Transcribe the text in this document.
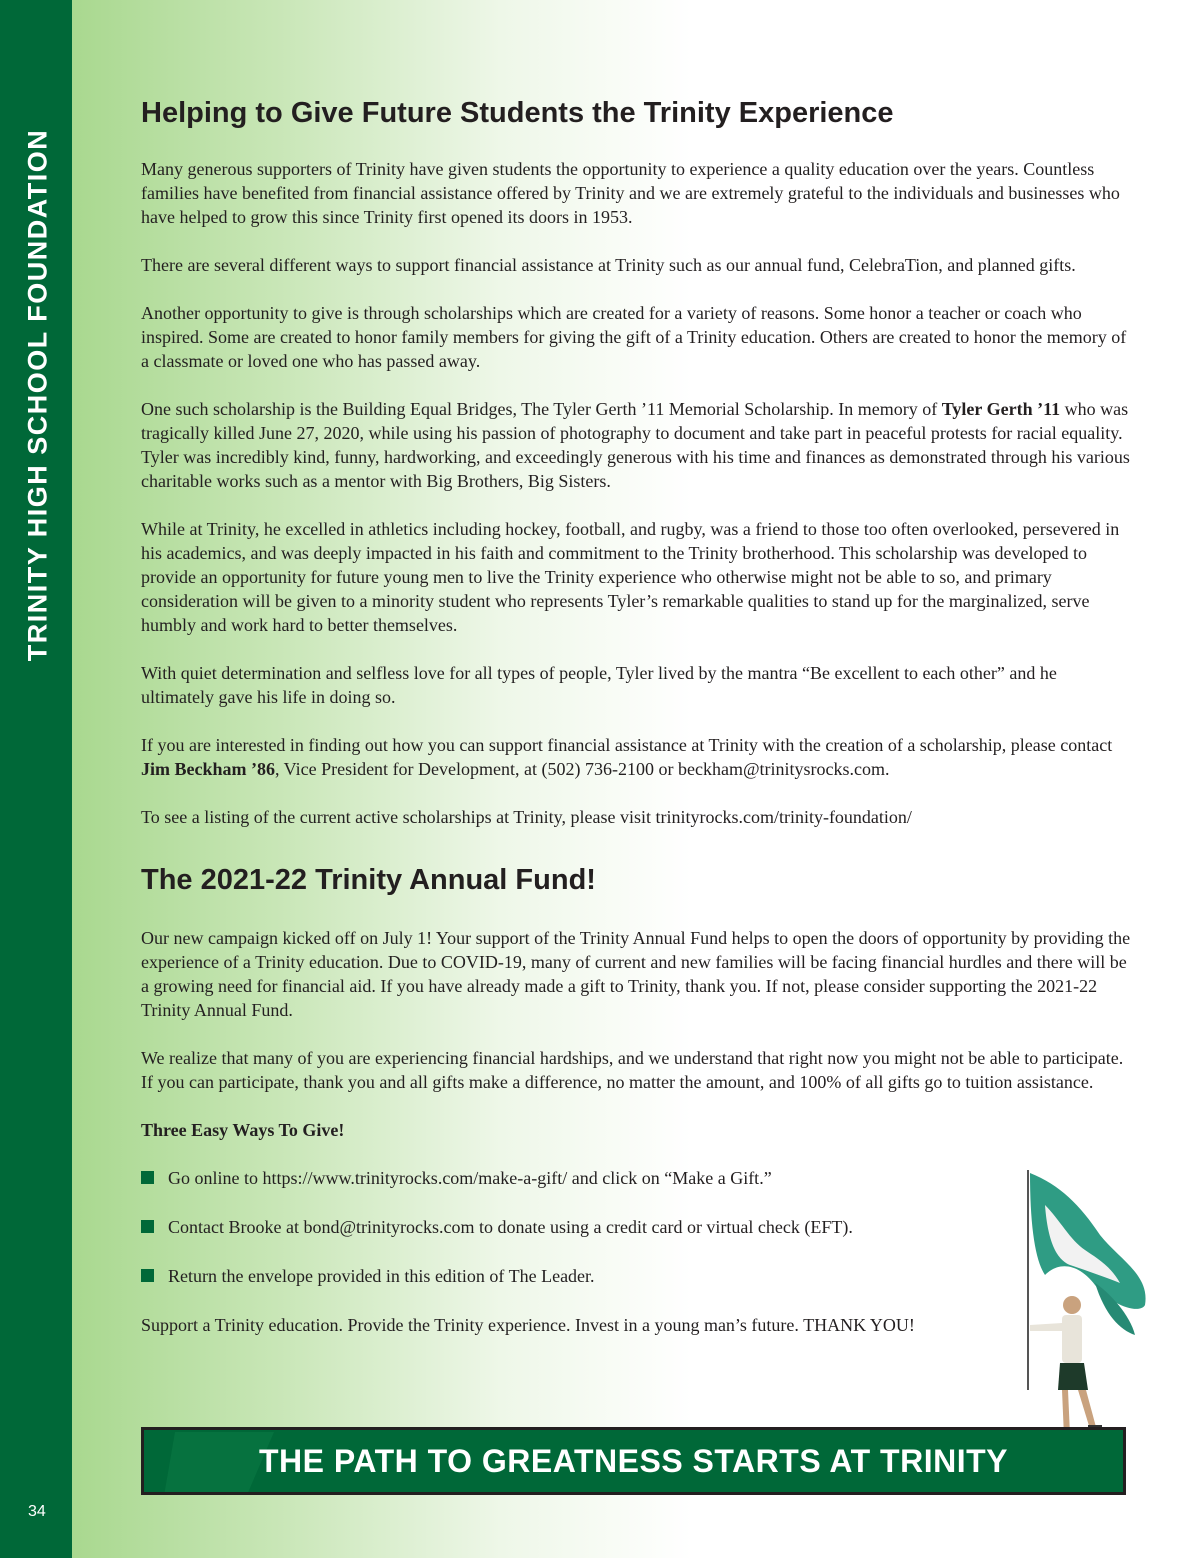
TRINITY HIGH SCHOOL FOUNDATION
34
Helping to Give Future Students the Trinity Experience

Many generous supporters of Trinity have given students the opportunity to experience a quality education over the years. Countless families have benefited from financial assistance offered by Trinity and we are extremely grateful to the individuals and businesses who have helped to grow this since Trinity first opened its doors in 1953.

There are several different ways to support financial assistance at Trinity such as our annual fund, CelebraTion, and planned gifts.

Another opportunity to give is through scholarships which are created for a variety of reasons. Some honor a teacher or coach who inspired. Some are created to honor family members for giving the gift of a Trinity education. Others are created to honor the memory of a classmate or loved one who has passed away.

One such scholarship is the Building Equal Bridges, The Tyler Gerth ’11 Memorial Scholarship. In memory of Tyler Gerth ’11 who was tragically killed June 27, 2020, while using his passion of photography to document and take part in peaceful protests for racial equality. Tyler was incredibly kind, funny, hardworking, and exceedingly generous with his time and finances as demonstrated through his various charitable works such as a mentor with Big Brothers, Big Sisters.

While at Trinity, he excelled in athletics including hockey, football, and rugby, was a friend to those too often overlooked, persevered in his academics, and was deeply impacted in his faith and commitment to the Trinity brotherhood. This scholarship was developed to provide an opportunity for future young men to live the Trinity experience who otherwise might not be able to so, and primary consideration will be given to a minority student who represents Tyler’s remarkable qualities to stand up for the marginalized, serve humbly and work hard to better themselves.

With quiet determination and selfless love for all types of people, Tyler lived by the mantra “Be excellent to each other” and he ultimately gave his life in doing so.

If you are interested in finding out how you can support financial assistance at Trinity with the creation of a scholarship, please contact Jim Beckham ’86, Vice President for Development, at (502) 736-2100 or beckham@trinitysrocks.com.

To see a listing of the current active scholarships at Trinity, please visit trinityrocks.com/trinity-foundation/

The 2021-22 Trinity Annual Fund!

Our new campaign kicked off on July 1! Your support of the Trinity Annual Fund helps to open the doors of opportunity by providing the experience of a Trinity education. Due to COVID-19, many of current and new families will be facing financial hurdles and there will be a growing need for financial aid. If you have already made a gift to Trinity, thank you. If not, please consider supporting the 2021-22 Trinity Annual Fund.

We realize that many of you are experiencing financial hardships, and we understand that right now you might not be able to participate. If you can participate, thank you and all gifts make a difference, no matter the amount, and 100% of all gifts go to tuition assistance.

Three Easy Ways To Give!

Go online to https://www.trinityrocks.com/make-a-gift/ and click on “Make a Gift.”
Contact Brooke at bond@trinityrocks.com to donate using a credit card or virtual check (EFT).
Return the envelope provided in this edition of The Leader.

Support a Trinity education. Provide the Trinity experience. Invest in a young man’s future. THANK YOU!

THE PATH TO GREATNESS STARTS AT TRINITY
